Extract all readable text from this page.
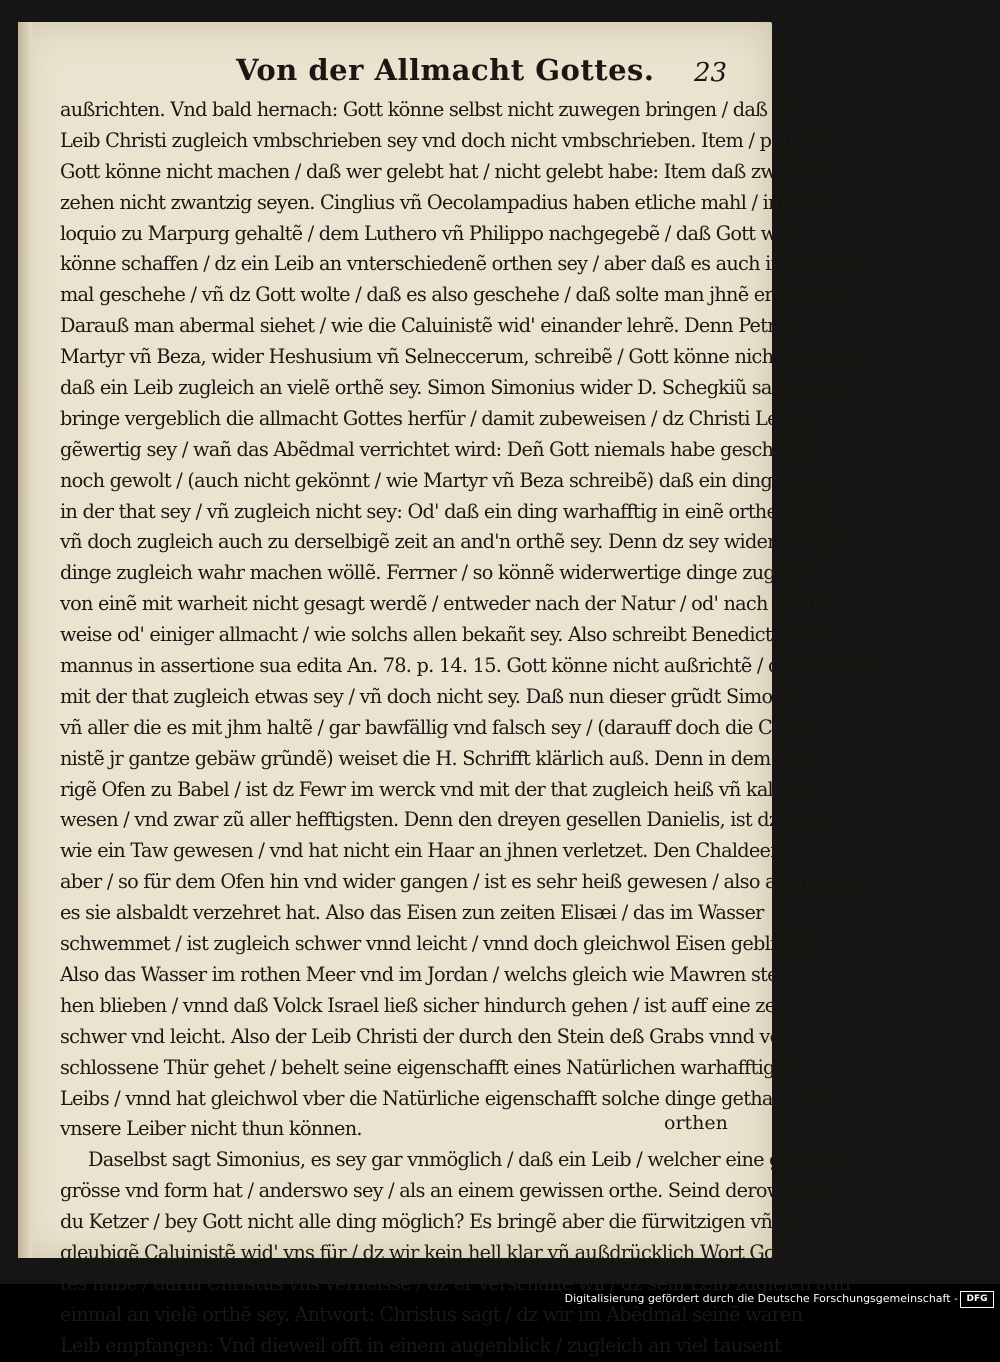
Von der Allmacht Gottes. 23
außrichten. Vnd bald hernach: Gott könne selbst nicht zuwegen bringen / daß der
Leib Christi zugleich vmbschrieben sey vnd doch nicht vmbschrieben. Item / pag. 82.
Gott könne nicht machen / daß wer gelebt hat / nicht gelebt habe: Item daß zweymal
zehen nicht zwantzig seyen. Cinglius vñ Oecolampadius haben etliche mahl / im Col-
loquio zu Marpurg gehaltẽ / dem Luthero vñ Philippo nachgegebẽ / daß Gott wol
könne schaffen / dz ein Leib an vnterschiedenẽ orthen sey / aber daß es auch im Abend-
mal geschehe / vñ dz Gott wolte / daß es also geschehe / daß solte man jhnẽ erweisen.
Darauß man abermal siehet / wie die Caluinistẽ wid' einander lehrẽ. Denn Petrus
Martyr vñ Beza, wider Heshusium vñ Selneccerum, schreibẽ / Gott könne nicht machen /
daß ein Leib zugleich an vielẽ orthẽ sey. Simon Simonius wider D. Schegkiũ sagt / man
bringe vergeblich die allmacht Gottes herfür / damit zubeweisen / dz Christi Leib ge-
gẽwertig sey / wañ das Abẽdmal verrichtet wird: Deñ Gott niemals habe geschaffet
noch gewolt / (auch nicht gekönnt / wie Martyr vñ Beza schreibẽ) daß ein ding etwas
in der that sey / vñ zugleich nicht sey: Od' daß ein ding warhafftig in einẽ orthe allein
vñ doch zugleich auch zu derselbigẽ zeit an and'n orthẽ sey. Denn dz sey widerwertige
dinge zugleich wahr machen wöllẽ. Ferrner / so könnẽ widerwertige dinge zugleich
von einẽ mit warheit nicht gesagt werdẽ / entweder nach der Natur / od' nach einiger
weise od' einiger allmacht / wie solchs allen bekañt sey. Also schreibt Benedictus Thal-
mannus in assertione sua edita An. 78. p. 14. 15. Gott könne nicht außrichtẽ / daß ein ding
mit der that zugleich etwas sey / vñ doch nicht sey. Daß nun dieser grũdt Simonij,
vñ aller die es mit jhm haltẽ / gar bawfällig vnd falsch sey / (darauff doch die Calui-
nistẽ jr gantze gebäw grũndẽ) weiset die H. Schrifft klärlich auß. Denn in dem feu-
rigẽ Ofen zu Babel / ist dz Fewr im werck vnd mit der that zugleich heiß vñ kalt ge-
wesen / vnd zwar zũ aller hefftigsten. Denn den dreyen gesellen Danielis, ist dz Fewr
wie ein Taw gewesen / vnd hat nicht ein Haar an jhnen verletzet. Den Chaldeern
aber / so für dem Ofen hin vnd wider gangen / ist es sehr heiß gewesen / also auch / daß
es sie alsbaldt verzehret hat. Also das Eisen zun zeiten Elisæi / das im Wasser
schwemmet / ist zugleich schwer vnnd leicht / vnnd doch gleichwol Eisen geblieben.
Also das Wasser im rothen Meer vnd im Jordan / welchs gleich wie Mawren ste-
hen blieben / vnnd daß Volck Israel ließ sicher hindurch gehen / ist auff eine zeit
schwer vnd leicht. Also der Leib Christi der durch den Stein deß Grabs vnnd ver-
schlossene Thür gehet / behelt seine eigenschafft eines Natürlichen warhafftigen
Leibs / vnnd hat gleichwol vber die Natürliche eigenschafft solche dinge gethan / die
vnsere Leiber nicht thun können.
Daselbst sagt Simonius, es sey gar vnmöglich / daß ein Leib / welcher eine gewisse
grösse vnd form hat / anderswo sey / als an einem gewissen orthe. Seind derowegen
du Ketzer / bey Gott nicht alle ding möglich? Es bringẽ aber die fürwitzigen vñ vn-
gleubigẽ Caluinistẽ wid' vns für / dz wir kein hell klar vñ außdrücklich Wort Got-
tes habẽ / dariñ Christus vns verheisse / dz er verschaffẽ wil / dz sein Leib zugleich auff
einmal an vielẽ orthẽ sey. Antwort: Christus sagt / dz wir im Abẽdmal seinẽ waren
Leib empfangen: Vnd dieweil offt in einem augenblick / zugleich an viel tausent
orthen
Digitalisierung gefördert durch die Deutsche Forschungsgemeinschaft - DFG
